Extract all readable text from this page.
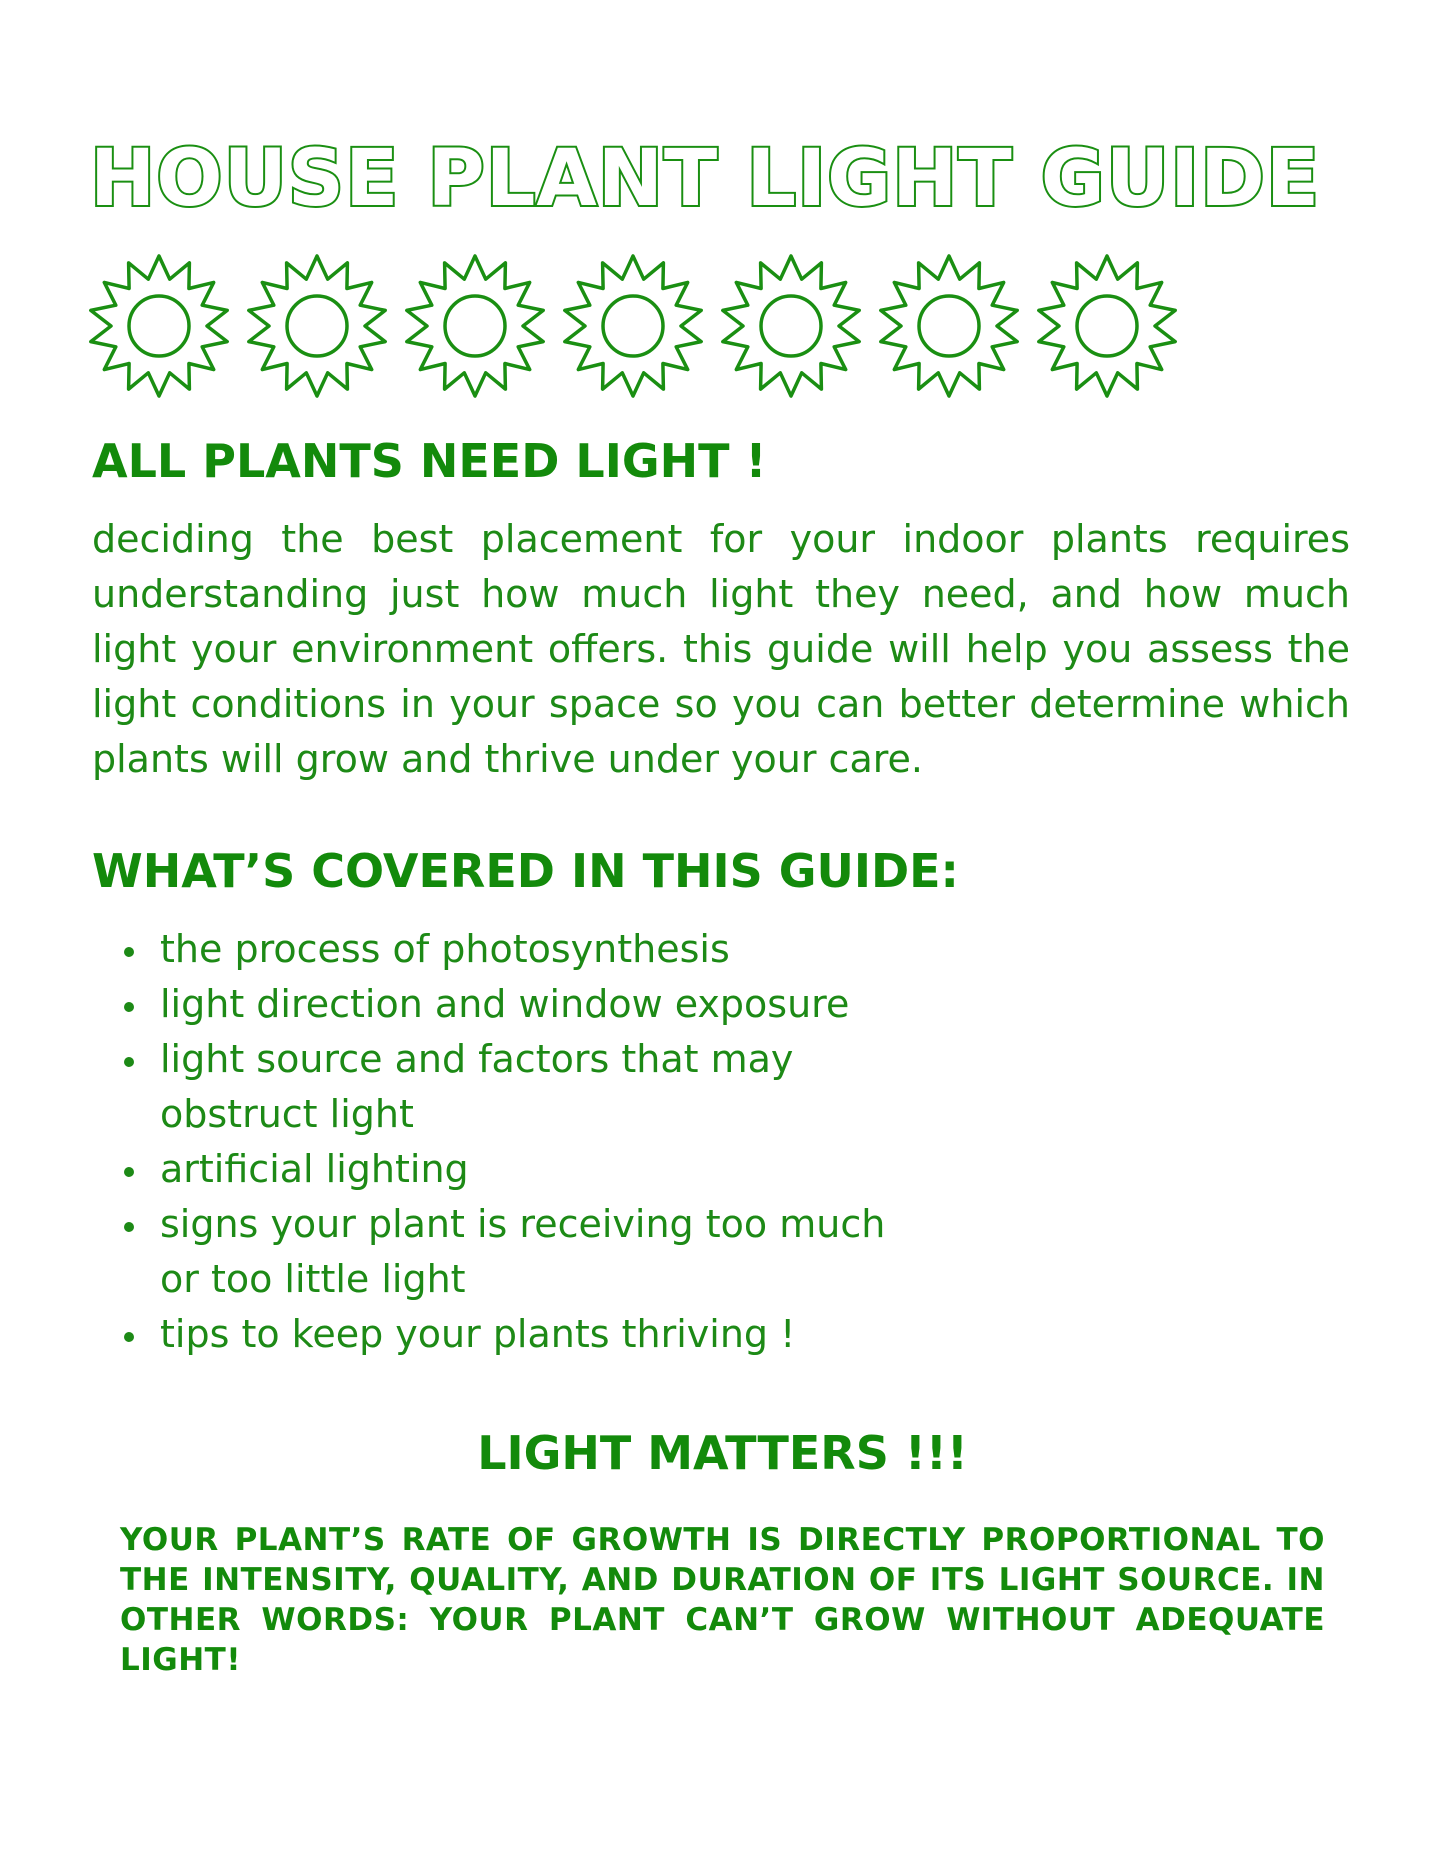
HOUSE PLANT LIGHT GUIDE
ALL PLANTS NEED LIGHT !

deciding the best placement for your indoor plants requires understanding just how much light they need, and how much light your environment offers. this guide will help you assess the light conditions in your space so you can better determine which plants will grow and thrive under your care.

WHAT’S COVERED IN THIS GUIDE:
the process of photosynthesis
light direction and window exposure
light source and factors that may obstruct light
artificial lighting
signs your plant is receiving too much or too little light
tips to keep your plants thriving !
LIGHT MATTERS !!!

YOUR PLANT’S RATE OF GROWTH IS DIRECTLY PROPORTIONAL TO THE INTENSITY, QUALITY, AND DURATION OF ITS LIGHT SOURCE. IN OTHER WORDS: YOUR PLANT CAN’T GROW WITHOUT ADEQUATE LIGHT!
